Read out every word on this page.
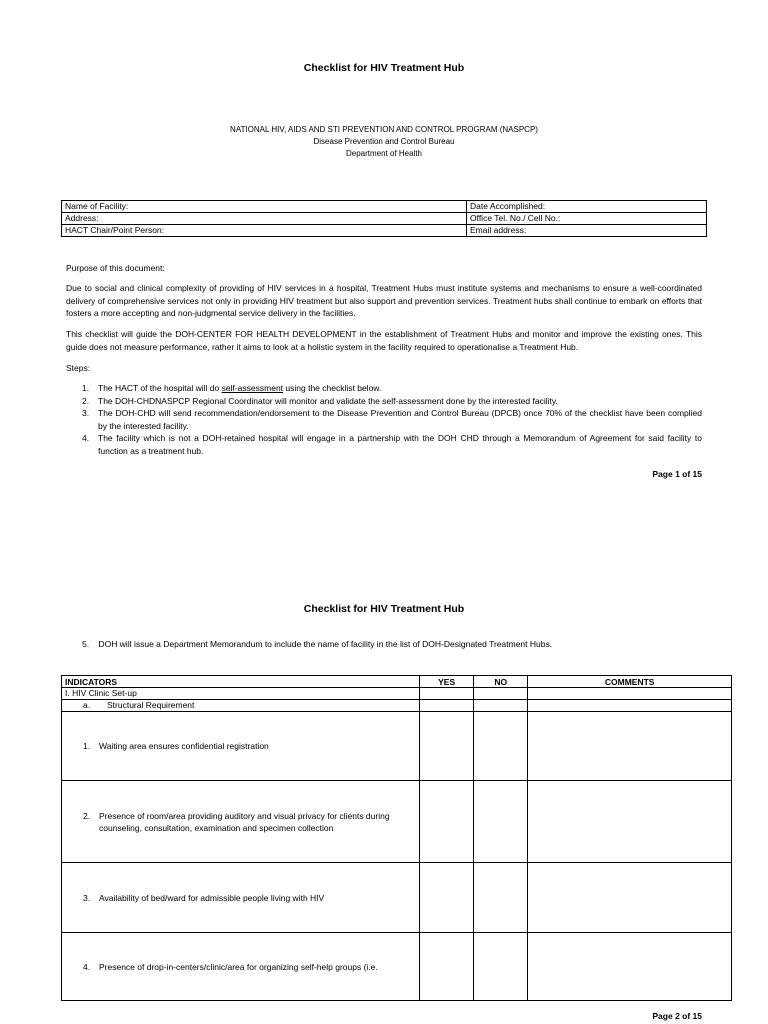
Checklist for HIV Treatment Hub
NATIONAL HIV, AIDS AND STI PREVENTION AND CONTROL PROGRAM (NASPCP)
Disease Prevention and Control Bureau
Department of Health
Name of Facility:	Date Accomplished:
Address:	Office Tel. No./ Cell No.:
HACT Chair/Point Person:	Email address:
Purpose of this document:
Due to social and clinical complexity of providing of HIV services in a hospital, Treatment Hubs must institute systems and mechanisms to ensure a well-coordinated delivery of comprehensive services not only in providing HIV treatment but also support and prevention services. Treatment hubs shall continue to embark on efforts that fosters a more accepting and non-judgmental service delivery in the facilities.
This checklist will guide the DOH-CENTER FOR HEALTH DEVELOPMENT in the establishment of Treatment Hubs and monitor and improve the existing ones. This guide does not measure performance, rather it aims to look at a holistic system in the facility required to operationalise a Treatment Hub.
Steps:
1. The HACT of the hospital will do self-assessment using the checklist below.
2. The DOH-CHDNASPCP Regional Coordinator will monitor and validate the self-assessment done by the interested facility.
3. The DOH-CHD will send recommendation/endorsement to the Disease Prevention and Control Bureau (DPCB) once 70% of the checklist have been complied by the interested facility.
4. The facility which is not a DOH-retained hospital will engage in a partnership with the DOH CHD through a Memorandum of Agreement for said facility to function as a treatment hub.
Page 1 of 15
Checklist for HIV Treatment Hub
5. DOH will issue a Department Memorandum to include the name of facility in the list of DOH-Designated Treatment Hubs.
INDICATORS	YES	NO	COMMENTS
I. HIV Clinic Set-up			
a. Structural Requirement			

1. Waiting area ensures confidential registration			

2. Presence of room/area providing auditory and visual privacy for clients during counseling, consultation, examination and specimen collection			

3. Availability of bed/ward for admissible people living with HIV			

4. Presence of drop-in-centers/clinic/area for organizing self-help groups (i.e.			

Page 2 of 15
